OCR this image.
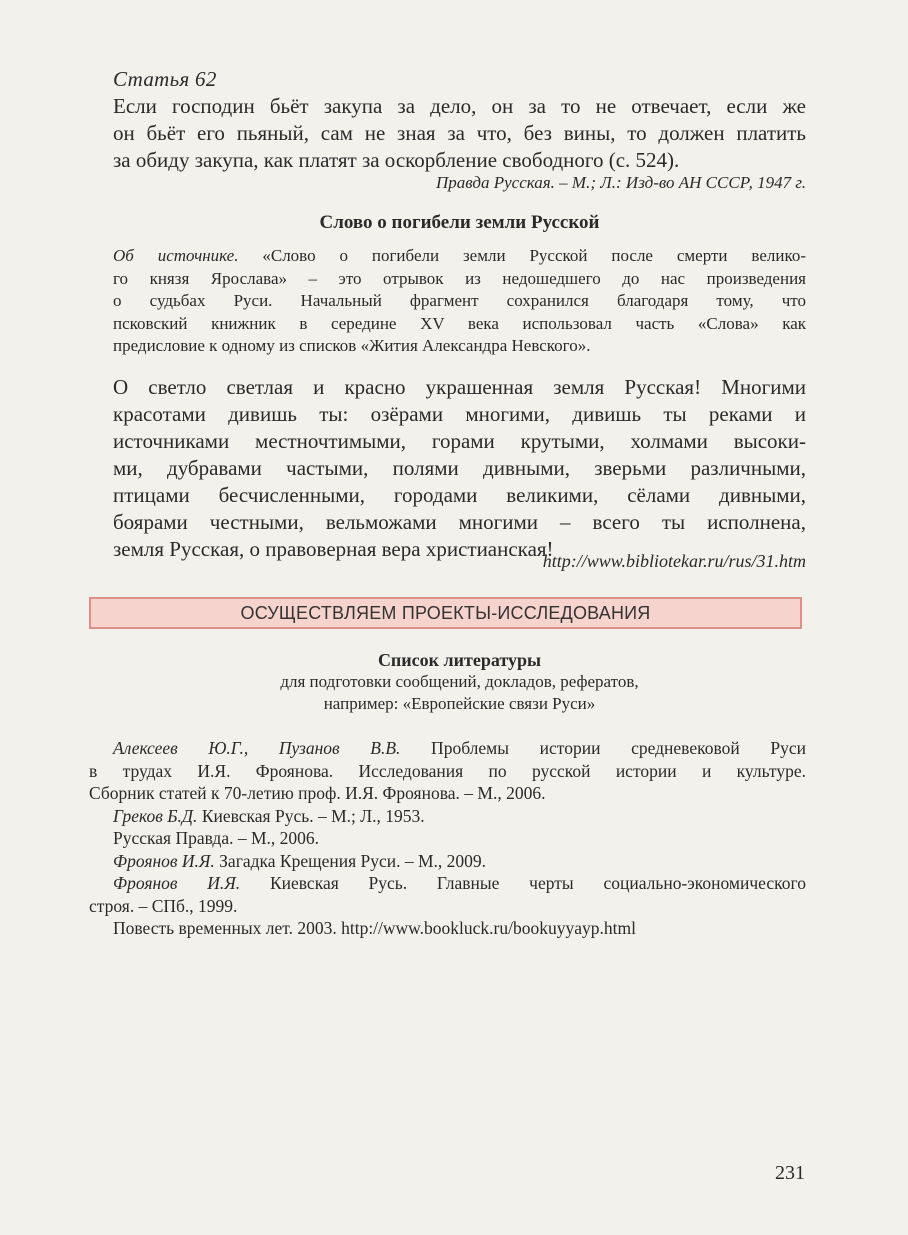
Статья 62
Если господин бьёт закупа за дело, он за то не отвечает, если же
он бьёт его пьяный, сам не зная за что, без вины, то должен платить
за обиду закупа, как платят за оскорбление свободного (с. 524).
Правда Русская. – М.; Л.: Изд-во АН СССР, 1947 г.
Слово о погибели земли Русской
Об источнике. «Слово о погибели земли Русской после смерти велико-
го князя Ярослава» – это отрывок из недошедшего до нас произведения
о судьбах Руси. Начальный фрагмент сохранился благодаря тому, что
псковский книжник в середине XV века использовал часть «Слова» как
предисловие к одному из списков «Жития Александра Невского».
О светло светлая и красно украшенная земля Русская! Многими
красотами дивишь ты: озёрами многими, дивишь ты реками и
источниками местночтимыми, горами крутыми, холмами высоки-
ми, дубравами частыми, полями дивными, зверьми различными,
птицами бесчисленными, городами великими, сёлами дивными,
боярами честными, вельможами многими – всего ты исполнена,
земля Русская, о правоверная вера христианская!
http://www.bibliotekar.ru/rus/31.htm
ОСУЩЕСТВЛЯЕМ ПРОЕКТЫ-ИССЛЕДОВАНИЯ
Список литературы
для подготовки сообщений, докладов, рефератов,
например: «Европейские связи Руси»
Алексеев Ю.Г., Пузанов В.В. Проблемы истории средневековой Руси
в трудах И.Я. Фроянова. Исследования по русской истории и культуре.
Сборник статей к 70-летию проф. И.Я. Фроянова. – М., 2006.
Греков Б.Д. Киевская Русь. – М.; Л., 1953.
Русская Правда. – М., 2006.
Фроянов И.Я. Загадка Крещения Руси. – М., 2009.
Фроянов И.Я. Киевская Русь. Главные черты социально-экономического
строя. – СПб., 1999.
Повесть временных лет. 2003. http://www.bookluck.ru/bookuyyayp.html
231
